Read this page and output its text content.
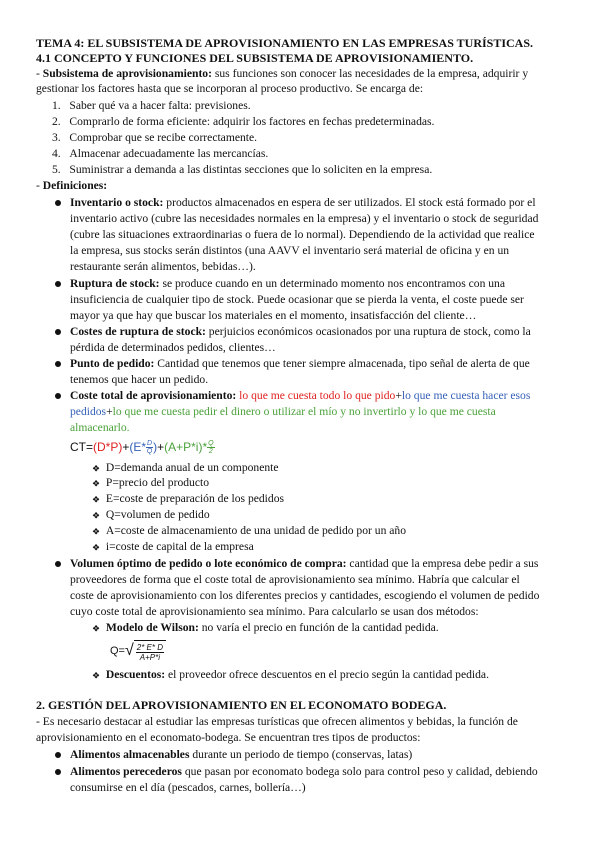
TEMA 4: EL SUBSISTEMA DE APROVISIONAMIENTO EN LAS EMPRESAS TURÍSTICAS.
4.1 CONCEPTO Y FUNCIONES DEL SUBSISTEMA DE APROVISIONAMIENTO.
- Subsistema de aprovisionamiento: sus funciones son conocer las necesidades de la empresa, adquirir y
gestionar los factores hasta que se incorporan al proceso productivo. Se encarga de:
1.   Saber qué va a hacer falta: previsiones.
2.   Comprarlo de forma eficiente: adquirir los factores en fechas predeterminadas.
3.   Comprobar que se recibe correctamente.
4.   Almacenar adecuadamente las mercancías.
5.   Suministrar a demanda a las distintas secciones que lo soliciten en la empresa.
- Definiciones:
Inventario o stock: productos almacenados en espera de ser utilizados. El stock está formado por el
inventario activo (cubre las necesidades normales en la empresa) y el inventario o stock de seguridad
(cubre las situaciones extraordinarias o fuera de lo normal). Dependiendo de la actividad que realice
la empresa, sus stocks serán distintos (una AAVV el inventario será material de oficina y en un
restaurante serán alimentos, bebidas…).
Ruptura de stock: se produce cuando en un determinado momento nos encontramos con una
insuficiencia de cualquier tipo de stock. Puede ocasionar que se pierda la venta, el coste puede ser
mayor ya que hay que buscar los materiales en el momento, insatisfacción del cliente…
Costes de ruptura de stock: perjuicios económicos ocasionados por una ruptura de stock, como la
pérdida de determinados pedidos, clientes…
Punto de pedido: Cantidad que tenemos que tener siempre almacenada, tipo señal de alerta de que
tenemos que hacer un pedido.
Coste total de aprovisionamiento: lo que me cuesta todo lo que pido+lo que me cuesta hacer esos
pedidos+lo que me cuesta pedir el dinero o utilizar el mío y no invertirlo y lo que me cuesta
almacenarlo.
$CT=(D*P)+(E* \frac{D}{Q} )+(A+P*i)* \frac{Q}{2}$
❖ D=demanda anual de un componente
❖ P=precio del producto
❖ E=coste de preparación de los pedidos
❖ Q=volumen de pedido
❖ A=coste de almacenamiento de una unidad de pedido por un año
❖ i=coste de capital de la empresa
Volumen óptimo de pedido o lote económico de compra: cantidad que la empresa debe pedir a sus
proveedores de forma que el coste total de aprovisionamiento sea mínimo. Habría que calcular el
coste de aprovisionamiento con los diferentes precios y cantidades, escogiendo el volumen de pedido
cuyo coste total de aprovisionamiento sea mínimo. Para calcularlo se usan dos métodos:
❖ Modelo de Wilson: no varía el precio en función de la cantidad pedida.
$Q=√ \frac{2* E* D}{A+P*i}$
❖ Descuentos: el proveedor ofrece descuentos en el precio según la cantidad pedida.
2. GESTIÓN DEL APROVISIONAMIENTO EN EL ECONOMATO BODEGA.
- Es necesario destacar al estudiar las empresas turísticas que ofrecen alimentos y bebidas, la función de
aprovisionamiento en el economato-bodega. Se encuentran tres tipos de productos:
Alimentos almacenables durante un periodo de tiempo (conservas, latas)
Alimentos perecederos que pasan por economato bodega solo para control peso y calidad, debiendo
consumirse en el día (pescados, carnes, bollería…)
